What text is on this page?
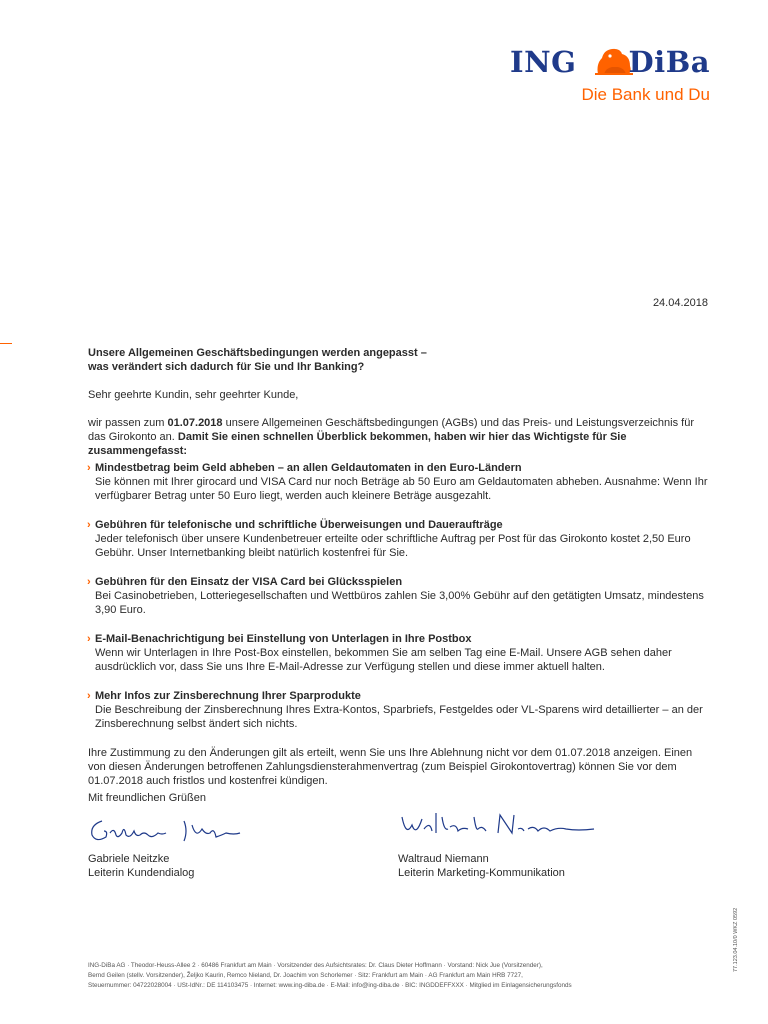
ING DiBa
Die Bank und Du
24.04.2018
Unsere Allgemeinen Geschäftsbedingungen werden angepasst –
was verändert sich dadurch für Sie und Ihr Banking?

Sehr geehrte Kundin, sehr geehrter Kunde,

wir passen zum 01.07.2018 unsere Allgemeinen Geschäftsbedingungen (AGBs) und das Preis- und Leistungsverzeichnis für das Girokonto an. Damit Sie einen schnellen Überblick bekommen, haben wir hier das Wichtigste für Sie zusammengefasst:

› Mindestbetrag beim Geld abheben – an allen Geldautomaten in den Euro-Ländern
Sie können mit Ihrer girocard und VISA Card nur noch Beträge ab 50 Euro am Geldautomaten abheben. Ausnahme: Wenn Ihr verfügbarer Betrag unter 50 Euro liegt, werden auch kleinere Beträge ausgezahlt.
› Gebühren für telefonische und schriftliche Überweisungen und Daueraufträge
Jeder telefonisch über unsere Kundenbetreuer erteilte oder schriftliche Auftrag per Post für das Girokonto kostet 2,50 Euro Gebühr. Unser Internetbanking bleibt natürlich kostenfrei für Sie.
› Gebühren für den Einsatz der VISA Card bei Glücksspielen
Bei Casinobetrieben, Lotteriegesellschaften und Wettbüros zahlen Sie 3,00% Gebühr auf den getätigten Umsatz, mindestens 3,90 Euro.
› E-Mail-Benachrichtigung bei Einstellung von Unterlagen in Ihre Postbox
Wenn wir Unterlagen in Ihre Post-Box einstellen, bekommen Sie am selben Tag eine E-Mail. Unsere AGB sehen daher ausdrücklich vor, dass Sie uns Ihre E-Mail-Adresse zur Verfügung stellen und diese immer aktuell halten.
› Mehr Infos zur Zinsberechnung Ihrer Sparprodukte
Die Beschreibung der Zinsberechnung Ihres Extra-Kontos, Sparbriefs, Festgeldes oder VL-Sparens wird detaillierter – an der Zinsberechnung selbst ändert sich nichts.

Ihre Zustimmung zu den Änderungen gilt als erteilt, wenn Sie uns Ihre Ablehnung nicht vor dem 01.07.2018 anzeigen. Einen von diesen Änderungen betroffenen Zahlungsdiensterahmenvertrag (zum Beispiel Girokontovertrag) können Sie vor dem 01.07.2018 auch fristlos und kostenfrei kündigen.

Mit freundlichen Grüßen
Gabriele Neitzke
Leiterin Kundendialog
Waltraud Niemann
Leiterin Marketing-Kommunikation
ING-DiBa AG · Theodor-Heuss-Allee 2 · 60486 Frankfurt am Main · Vorsitzender des Aufsichtsrates: Dr. Claus Dieter Hoffmann · Vorstand: Nick Jue (Vorsitzender),
Bernd Geilen (stellv. Vorsitzender), Željko Kaurin, Remco Nieland, Dr. Joachim von Schorlemer · Sitz: Frankfurt am Main · AG Frankfurt am Main HRB 7727,
Steuernummer: 04722028004 · USt-IdNr.: DE 114103475 · Internet: www.ing-diba.de · E-Mail: info@ing-diba.de · BIC: INGDDEFFXXX · Mitglied im Einlagensicherungsfonds
77.123.04.10/0 WKZ 0592
